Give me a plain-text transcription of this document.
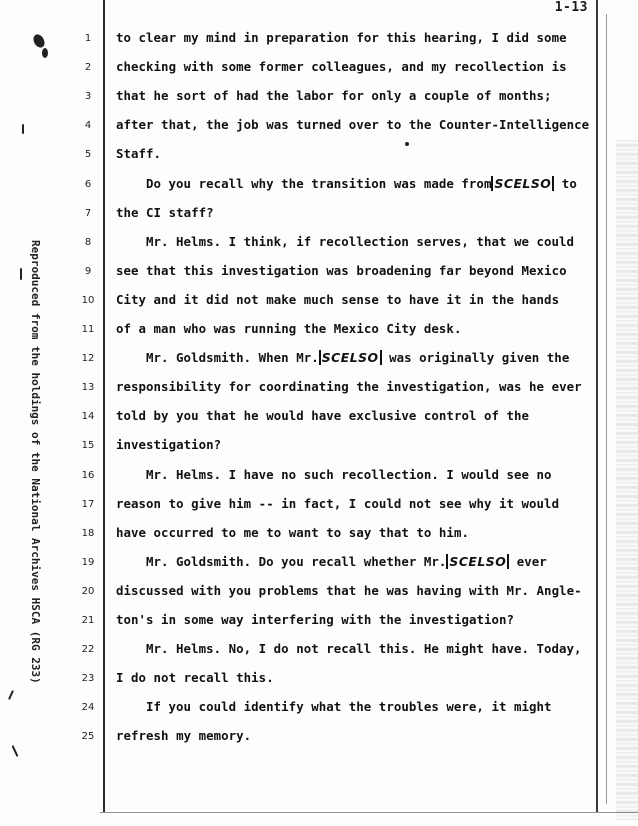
1-13
Reproduced from the holdings of the National Archives HSCA (RG 233)
1	to clear my mind in preparation for this hearing, I did some
2	checking with some former colleagues, and my recollection is
3	that he sort of had the labor for only a couple of months;
4	after that, the job was turned over to the Counter-Intelligence
5	Staff.
6	Do you recall why the transition was made from SCELSO to
7	the CI staff?
8	Mr. Helms. I think, if recollection serves, that we could
9	see that this investigation was broadening far beyond Mexico
10 City and it did not make much sense to have it in the hands
11 of a man who was running the Mexico City desk.
12	Mr. Goldsmith. When Mr. SCELSO was originally given the
13 responsibility for coordinating the investigation, was he ever
14 told by you that he would have exclusive control of the
15 investigation?
16	Mr. Helms. I have no such recollection. I would see no
17 reason to give him -- in fact, I could not see why it would
18 have occurred to me to want to say that to him.
19	Mr. Goldsmith. Do you recall whether Mr. SCELSO ever
20 discussed with you problems that he was having with Mr. Angle-
21 ton's in some way interfering with the investigation?
22	Mr. Helms. No, I do not recall this. He might have. Today,
23 I do not recall this.
24	If you could identify what the troubles were, it might
25 refresh my memory.
